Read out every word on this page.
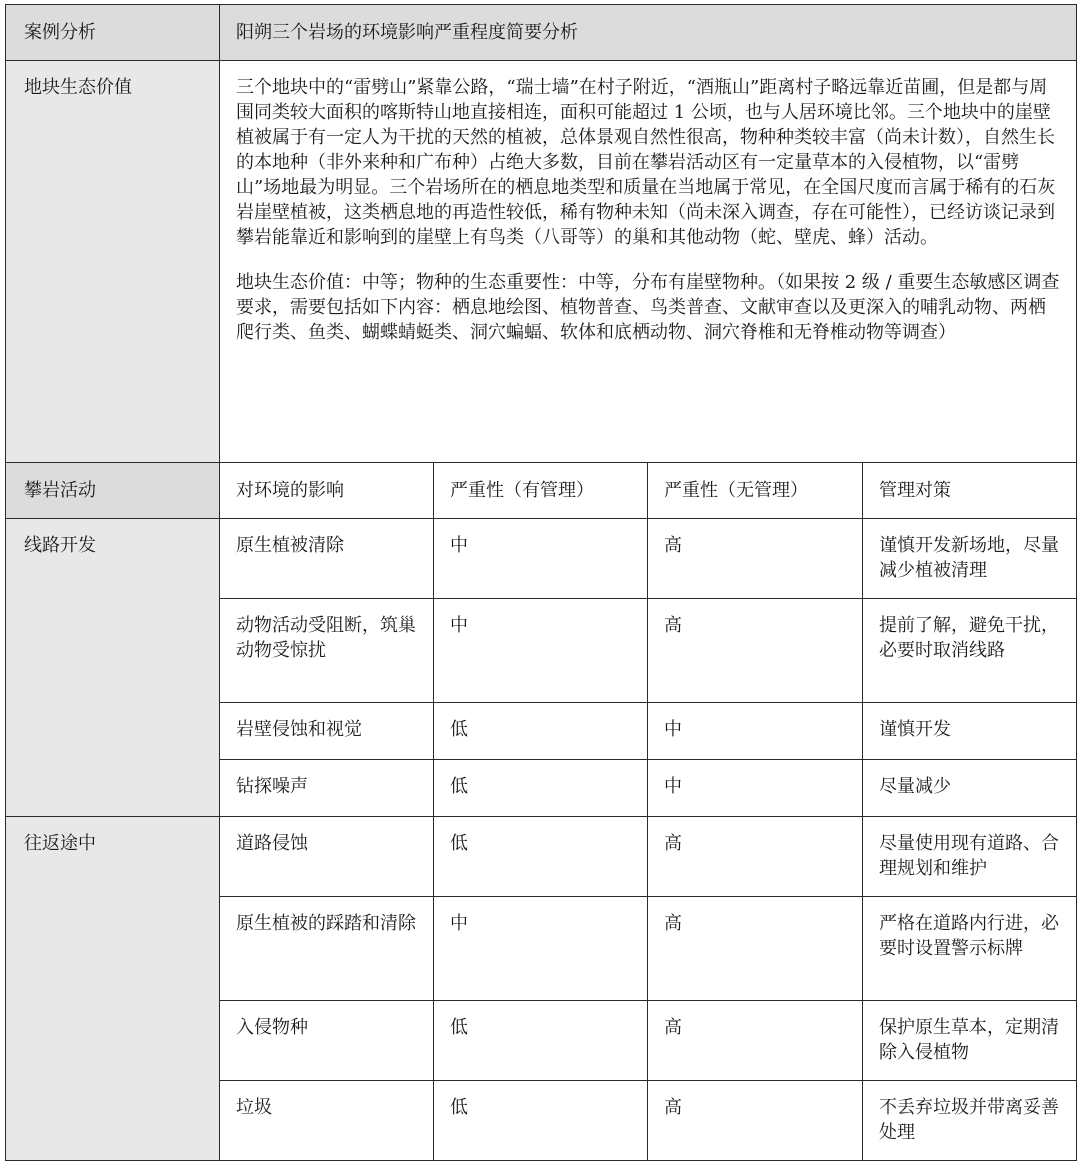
案例分析	阳朔三个岩场的环境影响严重程度简要分析			
地块生态价值	三个地块中的“雷劈山”紧靠公路，“瑞士墙”在村子附近，“酒瓶山”距离村子略远靠近苗圃，但是都与周围同类较大面积的喀斯特山地直接相连，面积可能超过 1 公顷，也与人居环境比邻。三个地块中的崖壁植被属于有一定人为干扰的天然的植被，总体景观自然性很高，物种种类较丰富（尚未计数），自然生长的本地种（非外来种和广布种）占绝大多数，目前在攀岩活动区有一定量草本的入侵植物，以“雷劈山”场地最为明显。三个岩场所在的栖息地类型和质量在当地属于常见，在全国尺度而言属于稀有的石灰岩崖壁植被，这类栖息地的再造性较低，稀有物种未知（尚未深入调查，存在可能性），已经访谈记录到攀岩能靠近和影响到的崖壁上有鸟类（八哥等）的巢和其他动物（蛇、壁虎、蜂）活动。

地块生态价值：中等；物种的生态重要性：中等，分布有崖壁物种。（如果按 2 级 / 重要生态敏感区调查要求，需要包括如下内容：栖息地绘图、植物普查、鸟类普查、文献审查以及更深入的哺乳动物、两栖爬行类、鱼类、蝴蝶蜻蜓类、洞穴蝙蝠、软体和底栖动物、洞穴脊椎和无脊椎动物等调查）			

攀岩活动	对环境的影响	严重性（有管理）	严重性（无管理）	管理对策
线路开发	原生植被清除	中	高	谨慎开发新场地，尽量减少植被清理
	动物活动受阻断，筑巢动物受惊扰	中	高	提前了解，避免干扰，必要时取消线路
	岩壁侵蚀和视觉	低	中	谨慎开发
	钻探噪声	低	中	尽量减少
往返途中	道路侵蚀	低	高	尽量使用现有道路、合理规划和维护
	原生植被的踩踏和清除	中	高	严格在道路内行进，必要时设置警示标牌
	入侵物种	低	高	保护原生草本，定期清除入侵植物
	垃圾	低	高	不丢弃垃圾并带离妥善处理
